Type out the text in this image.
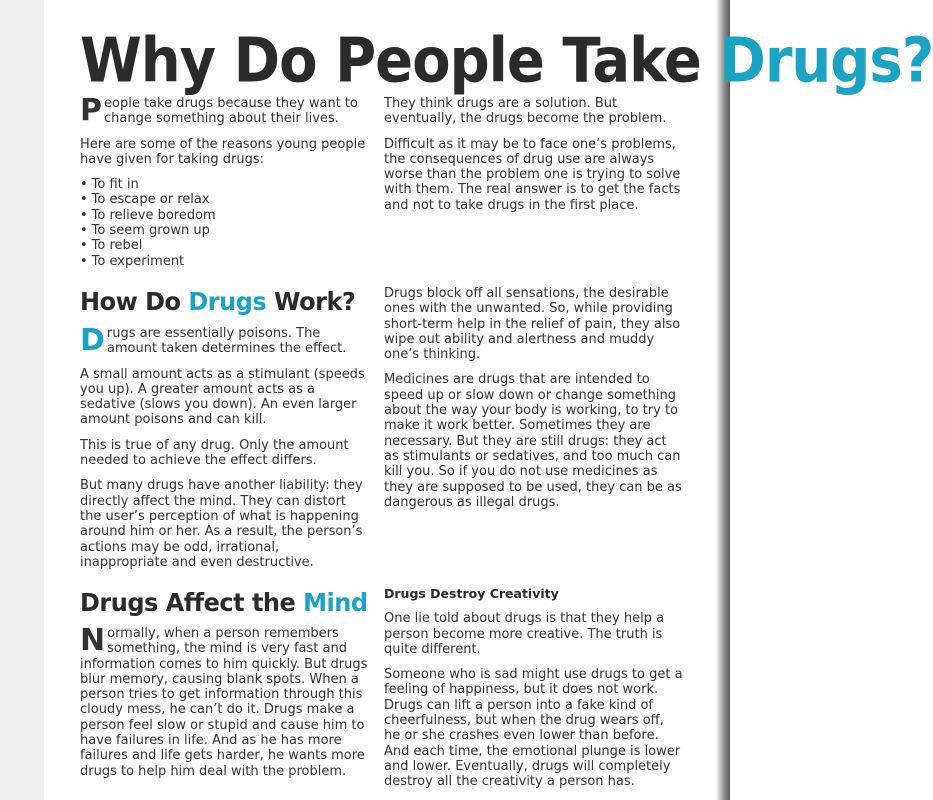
Why Do People Take Drugs?

People take drugs because they want to change something about their lives.

Here are some of the reasons young people have given for taking drugs:

• To fit in
• To escape or relax
• To relieve boredom
• To seem grown up
• To rebel
• To experiment

They think drugs are a solution. But eventually, the drugs become the problem.

Difficult as it may be to face one’s problems, the consequences of drug use are always worse than the problem one is trying to solve with them. The real answer is to get the facts and not to take drugs in the first place.

How Do Drugs Work?

Drugs are essentially poisons. The amount taken determines the effect.

A small amount acts as a stimulant (speeds you up). A greater amount acts as a sedative (slows you down). An even larger amount poisons and can kill.

This is true of any drug. Only the amount needed to achieve the effect differs.

But many drugs have another liability: they directly affect the mind. They can distort the user’s perception of what is happening around him or her. As a result, the person’s actions may be odd, irrational, inappropriate and even destructive.

Drugs block off all sensations, the desirable ones with the unwanted. So, while providing short-term help in the relief of pain, they also wipe out ability and alertness and muddy one’s thinking.

Medicines are drugs that are intended to speed up or slow down or change something about the way your body is working, to try to make it work better. Sometimes they are necessary. But they are still drugs: they act as stimulants or sedatives, and too much can kill you. So if you do not use medicines as they are supposed to be used, they can be as dangerous as illegal drugs.

Drugs Affect the Mind

Normally, when a person remembers something, the mind is very fast and information comes to him quickly. But drugs blur memory, causing blank spots. When a person tries to get information through this cloudy mess, he can’t do it. Drugs make a person feel slow or stupid and cause him to have failures in life. And as he has more failures and life gets harder, he wants more drugs to help him deal with the problem.

Drugs Destroy Creativity

One lie told about drugs is that they help a person become more creative. The truth is quite different.

Someone who is sad might use drugs to get a feeling of happiness, but it does not work. Drugs can lift a person into a fake kind of cheerfulness, but when the drug wears off, he or she crashes even lower than before. And each time, the emotional plunge is lower and lower. Eventually, drugs will completely destroy all the creativity a person has.
